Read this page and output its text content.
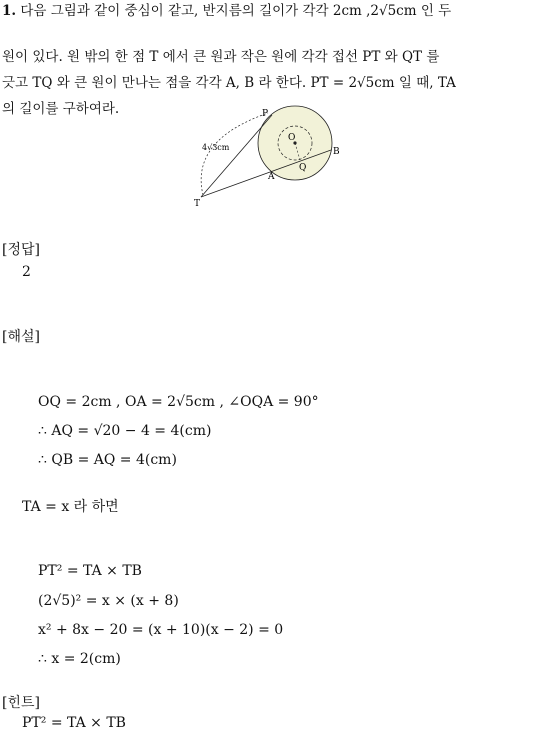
1. 다음 그림과 같이 중심이 같고, 반지름의 길이가 각각 2cm ,2√5cm 인 두
원이 있다. 원 밖의 한 점 T 에서 큰 원과 작은 원에 각각 접선 PT 와 QT 를
긋고 TQ 와 큰 원이 만나는 점을 각각 A, B 라 한다. PT = 2√5cm 일 때, TA
의 길이를 구하여라.	P
O
B
Q
A
T
4√3cm
[정답]
2
[해설]
OQ = 2cm , OA = 2√5cm , ∠OQA = 90°
∴ AQ = √20 − 4 = 4(cm)
∴ QB = AQ = 4(cm)
TA = x 라 하면
PT² = TA × TB
(2√5)² = x × (x + 8)
x² + 8x − 20 = (x + 10)(x − 2) = 0
∴ x = 2(cm)
[힌트]
PT² = TA × TB
